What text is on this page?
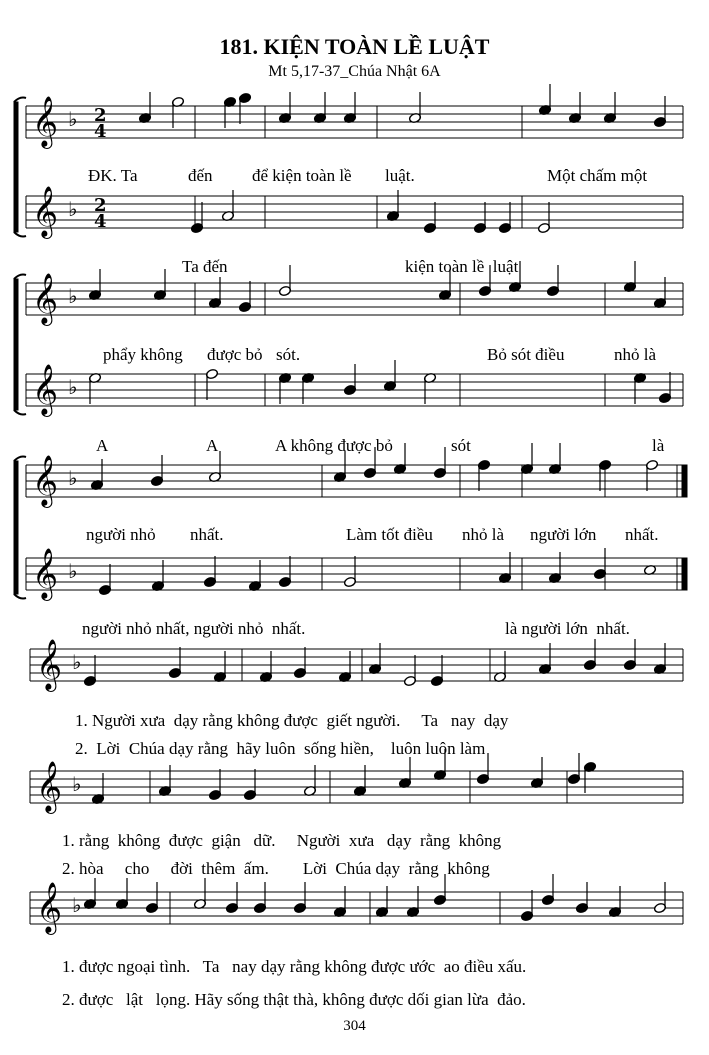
181. KIỆN TOÀN LỀ LUẬT
Mt 5,17-37_Chúa Nhật 6A
𝄞 ♭
𝄞 ♭
𝄞 ♭
𝄞 ♭
𝄞 ♭
𝄞 ♭
𝄞 ♭
𝄞 ♭
𝄞 ♭
2
4
2
4
ĐK. Ta	đến để kiện toàn lề luật.	Một chấm một
Ta đến	kiện toàn lề  luật
phẩy không được bỏ sót.	Bỏ sót điều	nhỏ là
A	A	A không được bỏ	sót	là
người nhỏ nhất.	Làm tốt điều nhỏ là người lớn nhất.
người nhỏ nhất, người nhỏ  nhất.	là người lớn  nhất.
1. Người xưa  dạy rằng không được  giết người.     Ta   nay  dạy
2.  Lời  Chúa dạy rằng  hãy luôn  sống hiền,    luôn luôn làm
1. rằng  không  được  giận   dữ.     Người  xưa   dạy  rằng  không
2. hòa     cho     đời  thêm  ấm.        Lời  Chúa dạy  rằng  không
1. được ngoại tình.   Ta   nay dạy rằng không được ước  ao điều xấu.
2. được   lật   lọng. Hãy sống thật thà, không được dối gian lừa  đảo.
304
